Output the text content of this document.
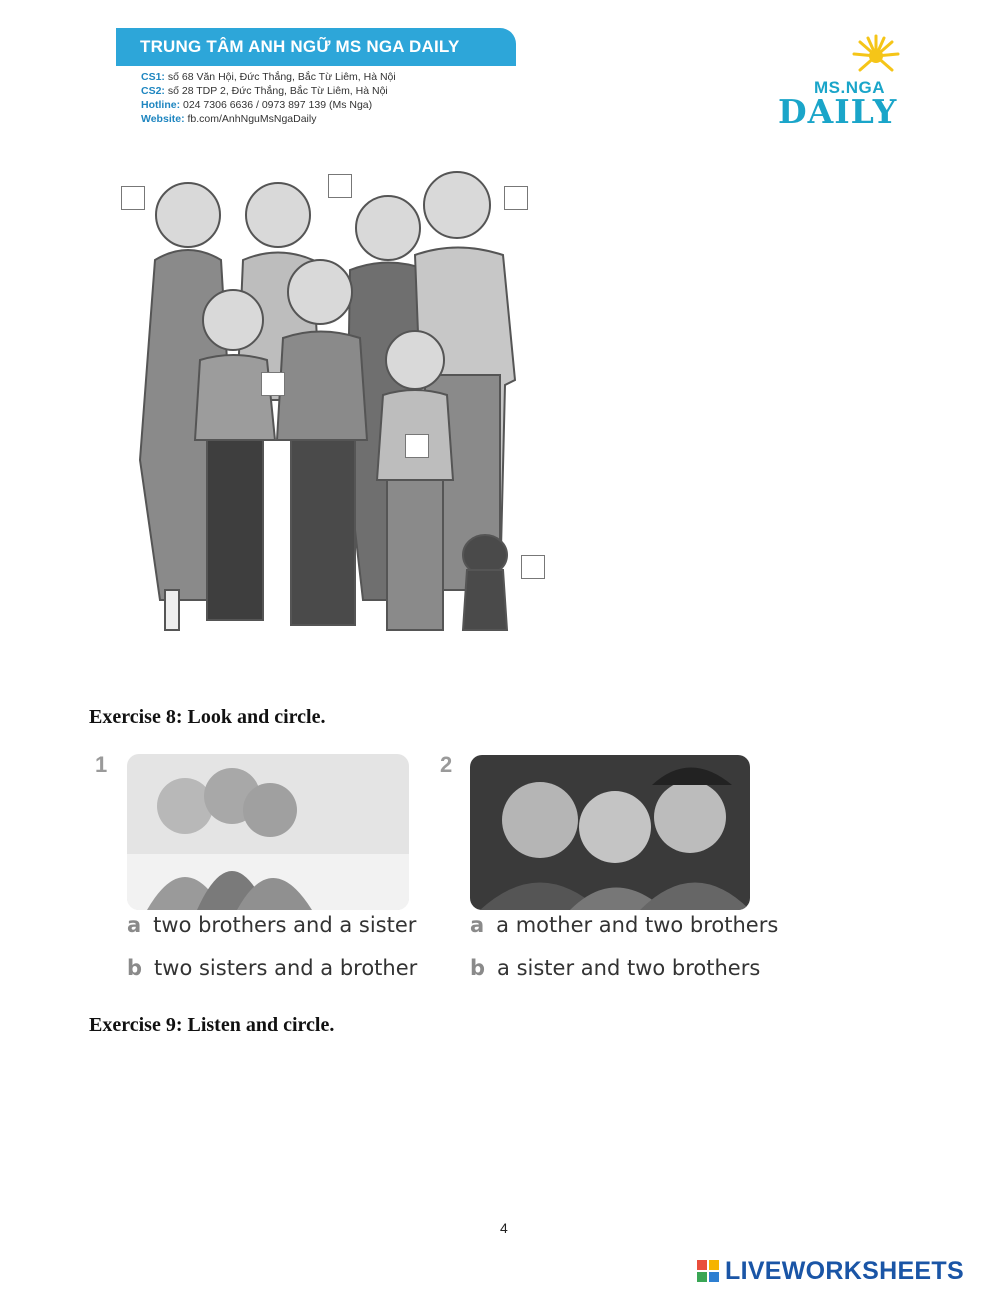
TRUNG TÂM ANH NGỮ MS NGA DAILY
CS1: số 68 Văn Hội, Đức Thắng, Bắc Từ Liêm, Hà Nội
CS2: số 28 TDP 2, Đức Thắng, Bắc Từ Liêm, Hà Nội
Hotline: 024 7306 6636 / 0973 897 139 (Ms Nga)
Website: fb.com/AnhNguMsNgaDaily
MS.NGA
DAILY
Exercise 8: Look and circle.
1	2
a two brothers and a sister
b two sisters and a brother
a a mother and two brothers
b a sister and two brothers
Exercise 9: Listen and circle.
4
LIVEWORKSHEETS
